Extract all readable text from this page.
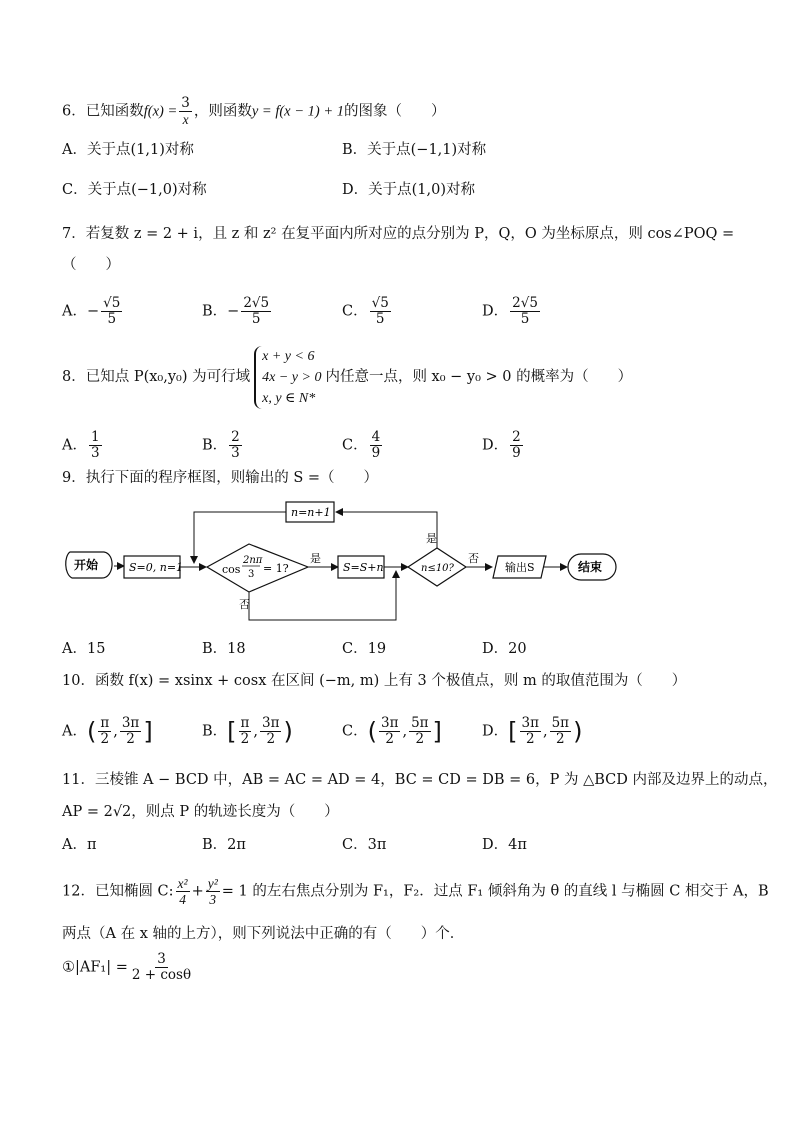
6．已知函数$f(x) = \frac{3}{x}$ ，则函数y = f(x − 1) + 1的图象（　　）
A．关于点(1,1)对称	B．关于点(−1,1)对称
C．关于点(−1,0)对称	D．关于点(1,0)对称
7．若复数 z = 2 + i，且 z 和 z² 在复平面内所对应的点分别为 P，Q，O 为坐标原点，则 cos∠POQ =
（　　）
A．− $\frac{√5}{5}$	B．− $\frac{2√5}{5}$	C． $\frac{√5}{5}$	D． $\frac{2√5}{5}$
8．已知点 P(x₀,y₀) 为可行域x + y < 6
4x − y > 0
x, y ∈ N*内任意一点，则 x₀ − y₀ > 0 的概率为（　　）
A． $\frac{1}{3}$	B． $\frac{2}{3}$	C． $\frac{4}{9}$	D． $\frac{2}{9}$
9．执行下面的程序框图，则输出的 S =（　　）
开始	S=0, n=1	cos
2nπ
3 = 1?
是
S=S+n
否
n≤10?
否
是
n=n+1
输出S	结束
A．15	B．18	C．19	D．20
10．函数 f(x) = xsinx + cosx 在区间 (−m, m) 上有 3 个极值点，则 m 的取值范围为（　　）
A．( $\frac{\pi}{2}$ , $\frac{3\pi}{2}$ ]	B．[ $\frac{\pi}{2}$ , $\frac{3\pi}{2}$ )	C．( $\frac{3\pi}{2}$ , $\frac{5\pi}{2}$ ]	D．[ $\frac{3\pi}{2}$ , $\frac{5\pi}{2}$ )
11．三棱锥 A − BCD 中，AB = AC = AD = 4，BC = CD = DB = 6，P 为 △BCD 内部及边界上的动点，
AP = 2√2，则点 P 的轨迹长度为（　　）
A．π	B．2π	C．3π	D．4π
12．已知椭圆 C: $\frac{\text{x²}}{4} + \frac{\text{y²}}{3} = 1$ 的左右焦点分别为 F₁，F₂．过点 F₁ 倾斜角为 θ 的直线 l 与椭圆 C 相交于 A，B
两点（A 在 x 轴的上方），则下列说法中正确的有（　　）个．
①|AF₁| = $\frac{3}{2 + \cos\theta}$
